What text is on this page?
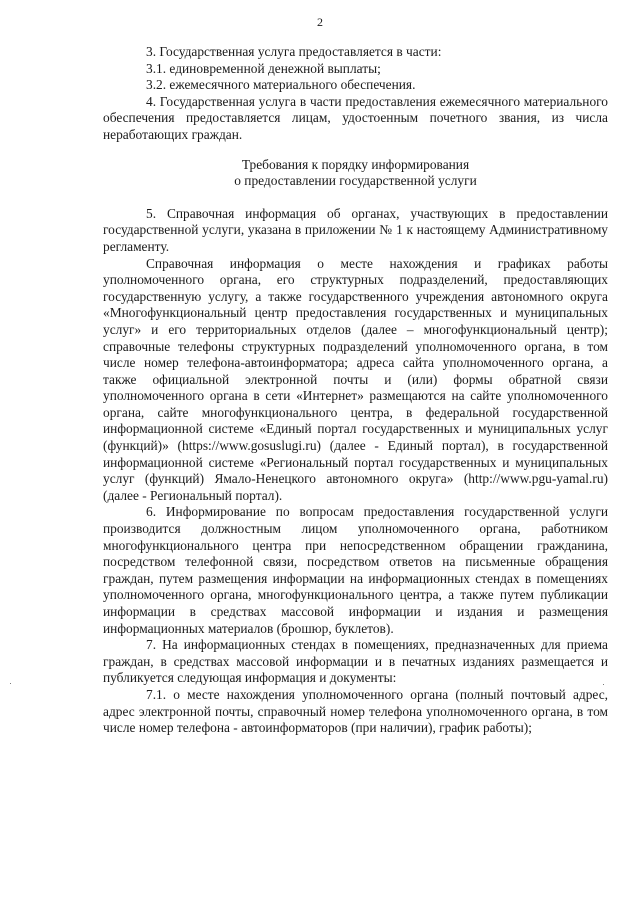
2

3. Государственная услуга предоставляется в части:

3.1. единовременной денежной выплаты;

3.2. ежемесячного материального обеспечения.

4. Государственная услуга в части предоставления ежемесячного материального обеспечения предоставляется лицам, удостоенным почетного звания, из числа неработающих граждан.

Требования к порядку информирования
о предоставлении государственной услуги

5. Справочная информация об органах, участвующих в предоставлении государственной услуги, указана в приложении № 1 к настоящему Административному регламенту.

Справочная информация о месте нахождения и графиках работы уполномоченного органа, его структурных подразделений, предоставляющих государственную услугу, а также государственного учреждения автономного округа «Многофункциональный центр предоставления государственных и муниципальных услуг» и его территориальных отделов (далее – многофункциональный центр); справочные телефоны структурных подразделений уполномоченного органа, в том числе номер телефона-автоинформатора; адреса сайта уполномоченного органа, а также официальной электронной почты и (или) формы обратной связи уполномоченного органа в сети «Интернет» размещаются на сайте уполномоченного органа, сайте многофункционального центра, в федеральной государственной информационной системе «Единый портал государственных и муниципальных услуг (функций)» (https://www.gosuslugi.ru) (далее - Единый портал), в государственной информационной системе «Региональный портал государственных и муниципальных услуг (функций) Ямало-Ненецкого автономного округа» (http://www.pgu-yamal.ru) (далее - Региональный портал).

6. Информирование по вопросам предоставления государственной услуги производится должностным лицом уполномоченного органа, работником многофункционального центра при непосредственном обращении гражданина, посредством телефонной связи, посредством ответов на письменные обращения граждан, путем размещения информации на информационных стендах в помещениях уполномоченного органа, многофункционального центра, а также путем публикации информации в средствах массовой информации и издания и размещения информационных материалов (брошюр, буклетов).

7. На информационных стендах в помещениях, предназначенных для приема граждан, в средствах массовой информации и в печатных изданиях размещается и публикуется следующая информация и документы:

7.1. о месте нахождения уполномоченного органа (полный почтовый адрес, адрес электронной почты, справочный номер телефона уполномоченного органа, в том числе номер телефона - автоинформаторов (при наличии), график работы);
